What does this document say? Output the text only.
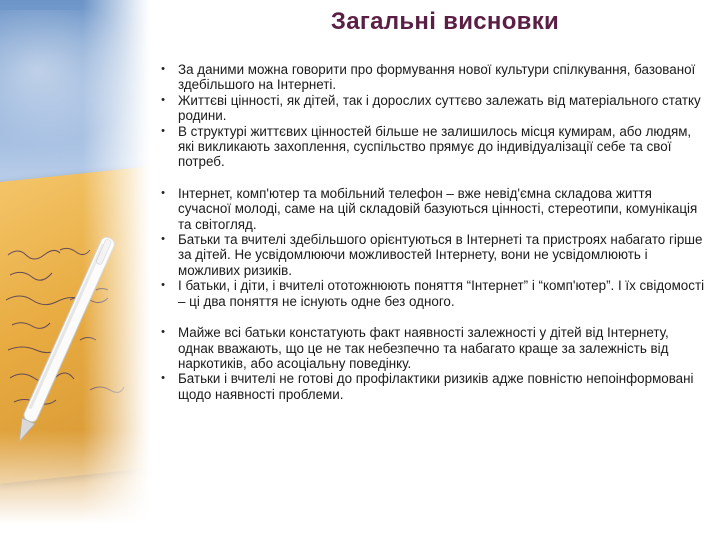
Загальні висновки
• За даними можна говорити про формування нової культури спілкування, базованої здебільшого на Інтернеті.
• Життєві цінності, як дітей, так і дорослих суттєво залежать від матеріального статку родини.
• В структурі життєвих цінностей більше не залишилось місця кумирам, або людям, які викликають захоплення, суспільство прямує до індивідуалізації себе та свої потреб.
• Інтернет, комп'ютер та мобільний телефон – вже невід'ємна складова життя сучасної молоді, саме на цій складовій базуються цінності, стереотипи, комунікація та світогляд.
• Батьки та вчителі здебільшого орієнтуються в Інтернеті та пристроях набагато гірше за дітей. Не усвідомлюючи можливостей Інтернету, вони не усвідомлюють і можливих ризиків.
• І батьки, і діти, і вчителі ототожнюють поняття “Інтернет” і “комп'ютер”. І їх свідомості – ці два поняття не існують одне без одного.
• Майже всі батьки констатують факт наявності залежності у дітей від Інтернету, однак вважають, що це не так небезпечно та набагато краще за залежність від наркотиків, або асоціальну поведінку.
• Батьки і вчителі не готові до профілактики ризиків адже повністю непоінформовані щодо наявності проблеми.
